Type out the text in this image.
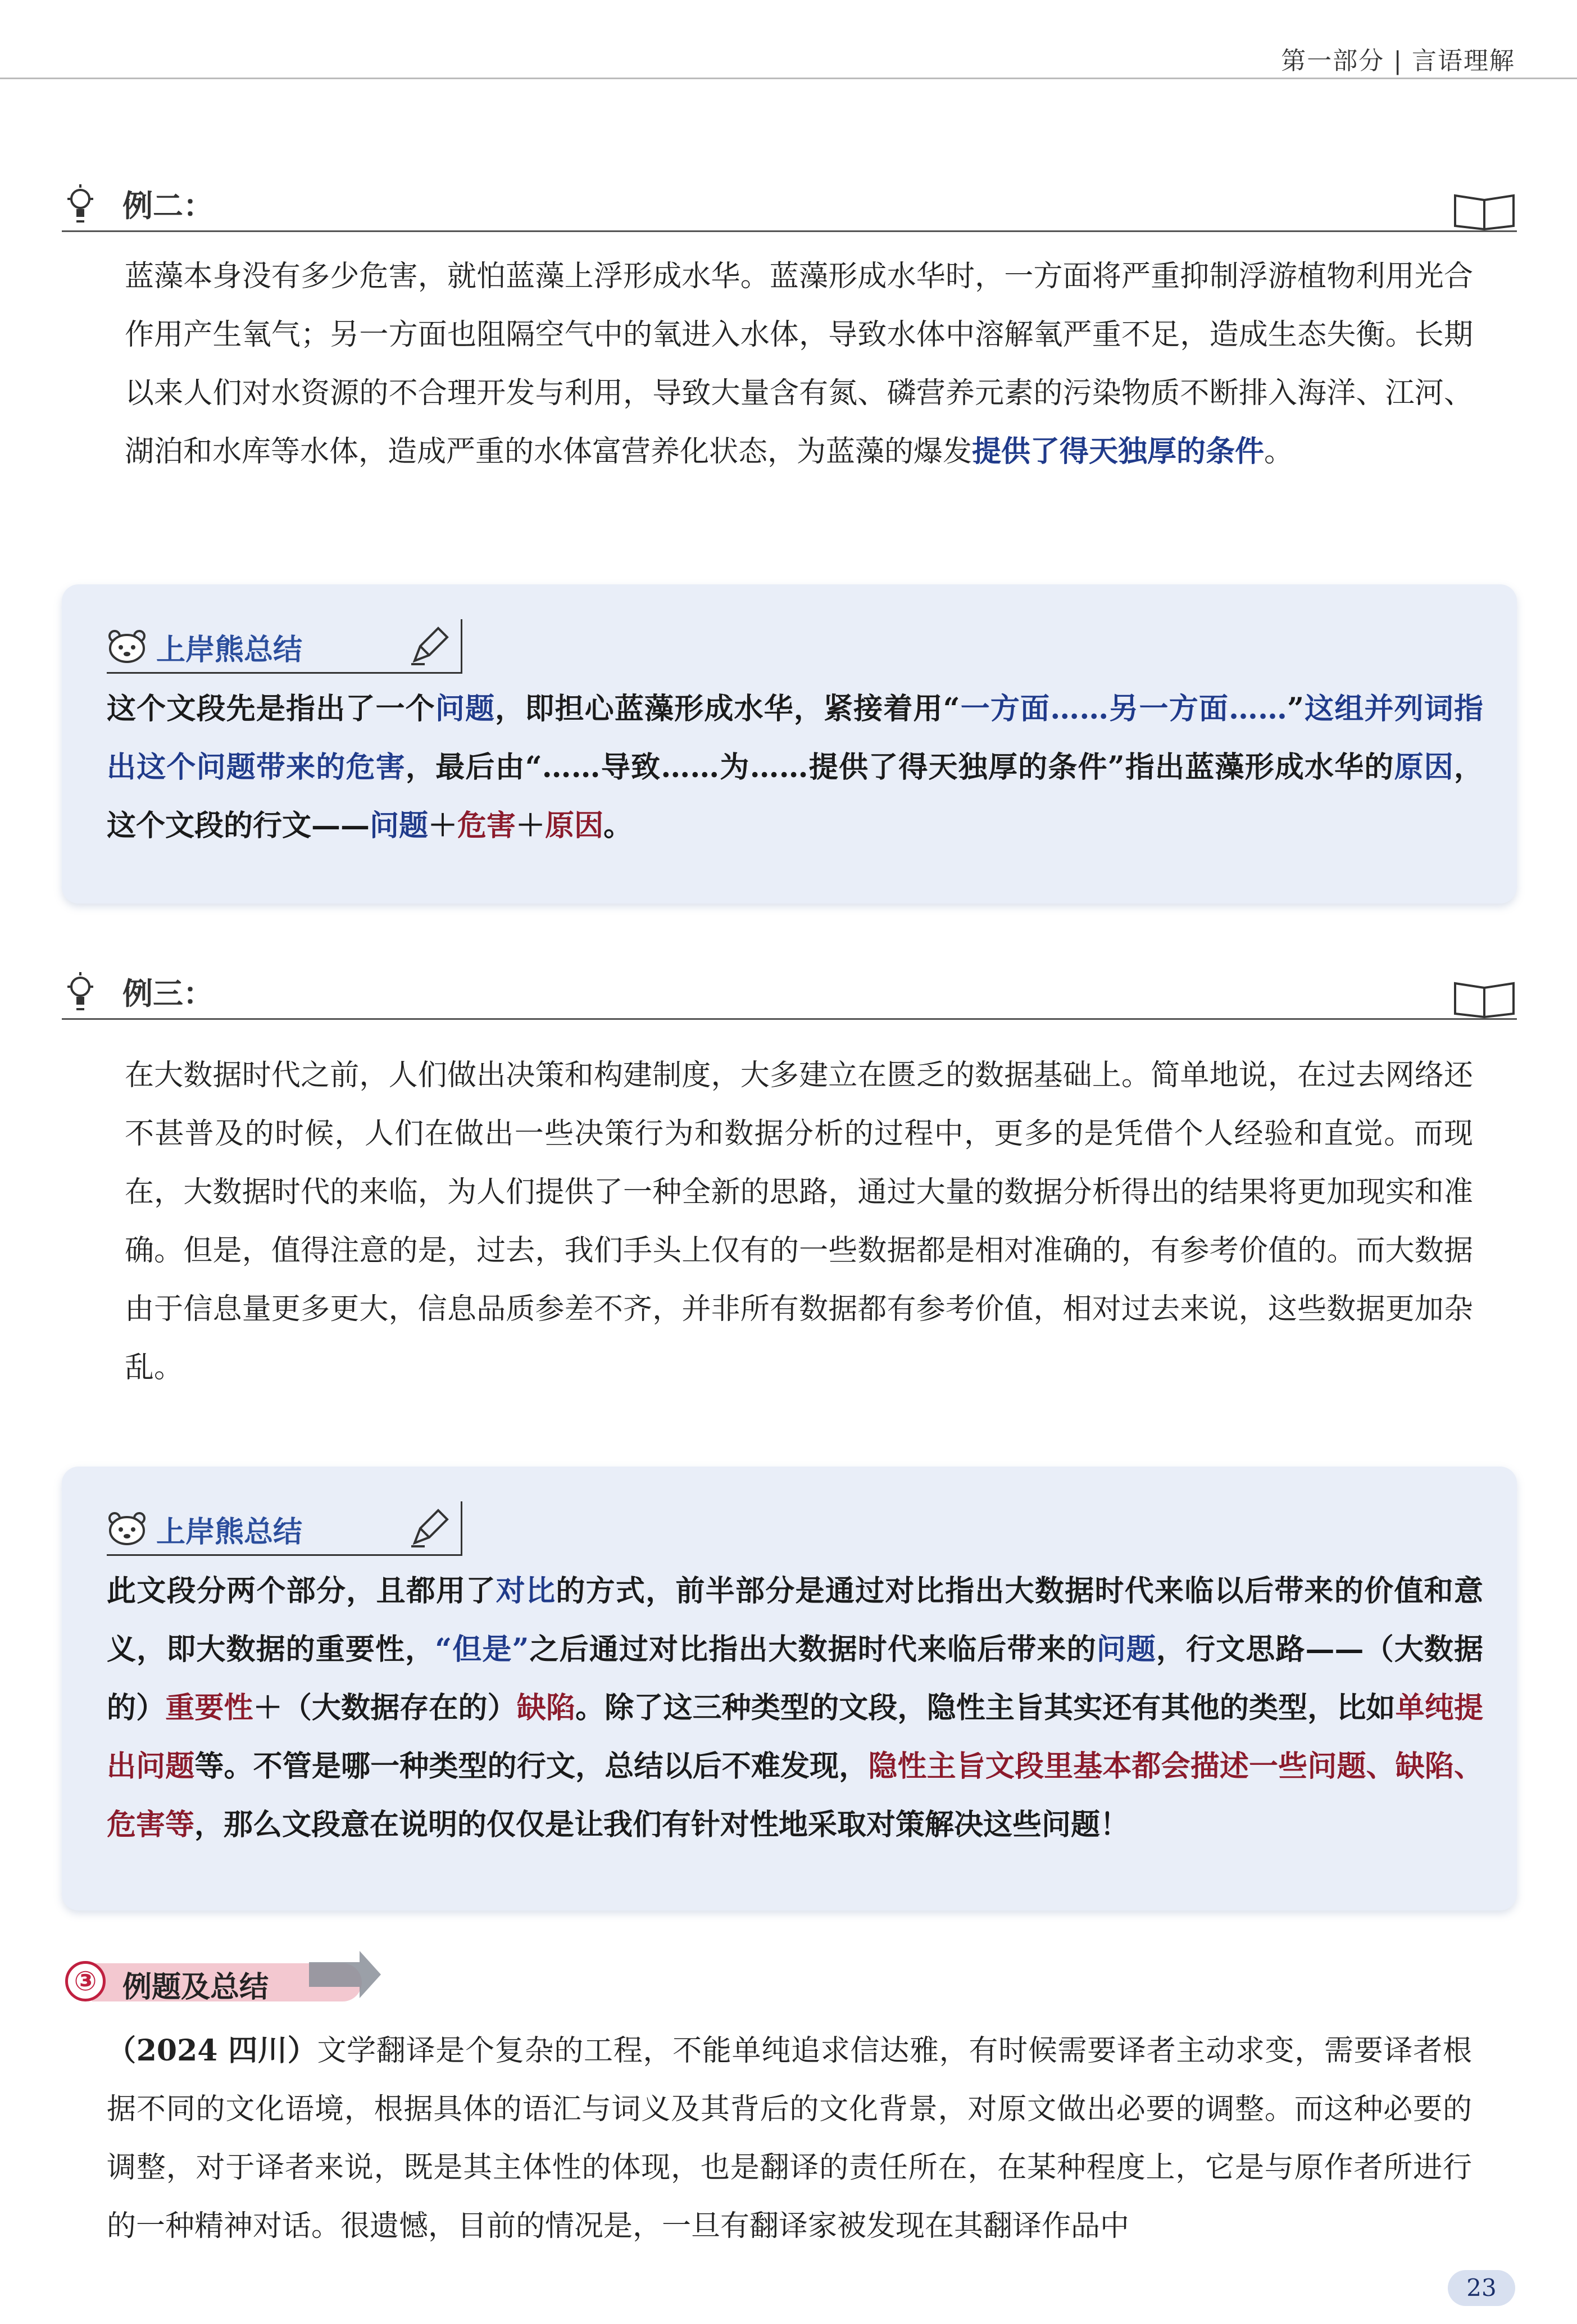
第一部分 | 言语理解
例二：

蓝藻本身没有多少危害，就怕蓝藻上浮形成水华。蓝藻形成水华时，一方面将严重抑制浮游植物利用光合作用产生氧气；另一方面也阻隔空气中的氧进入水体，导致水体中溶解氧严重不足，造成生态失衡。长期以来人们对水资源的不合理开发与利用，导致大量含有氮、磷营养元素的污染物质不断排入海洋、江河、湖泊和水库等水体，造成严重的水体富营养化状态，为蓝藻的爆发提供了得天独厚的条件。

上岸熊总结

这个文段先是指出了一个问题，即担心蓝藻形成水华，紧接着用“一方面……另一方面……”这组并列词指出这个问题带来的危害，最后由“……导致……为……提供了得天独厚的条件”指出蓝藻形成水华的原因，这个文段的行文——问题＋危害＋原因。

例三：

在大数据时代之前，人们做出决策和构建制度，大多建立在匮乏的数据基础上。简单地说，在过去网络还不甚普及的时候，人们在做出一些决策行为和数据分析的过程中，更多的是凭借个人经验和直觉。而现在，大数据时代的来临，为人们提供了一种全新的思路，通过大量的数据分析得出的结果将更加现实和准确。但是，值得注意的是，过去，我们手头上仅有的一些数据都是相对准确的，有参考价值的。而大数据由于信息量更多更大，信息品质参差不齐，并非所有数据都有参考价值，相对过去来说，这些数据更加杂乱。

上岸熊总结

此文段分两个部分，且都用了对比的方式，前半部分是通过对比指出大数据时代来临以后带来的价值和意义，即大数据的重要性，“但是”之后通过对比指出大数据时代来临后带来的问题，行文思路——（大数据的）重要性＋（大数据存在的）缺陷。除了这三种类型的文段，隐性主旨其实还有其他的类型，比如单纯提出问题等。不管是哪一种类型的行文，总结以后不难发现，隐性主旨文段里基本都会描述一些问题、缺陷、危害等，那么文段意在说明的仅仅是让我们有针对性地采取对策解决这些问题！

③ 例题及总结

（2024 四川）文学翻译是个复杂的工程，不能单纯追求信达雅，有时候需要译者主动求变，需要译者根据不同的文化语境，根据具体的语汇与词义及其背后的文化背景，对原文做出必要的调整。而这种必要的调整，对于译者来说，既是其主体性的体现，也是翻译的责任所在，在某种程度上，它是与原作者所进行的一种精神对话。很遗憾，目前的情况是，一旦有翻译家被发现在其翻译作品中

23
